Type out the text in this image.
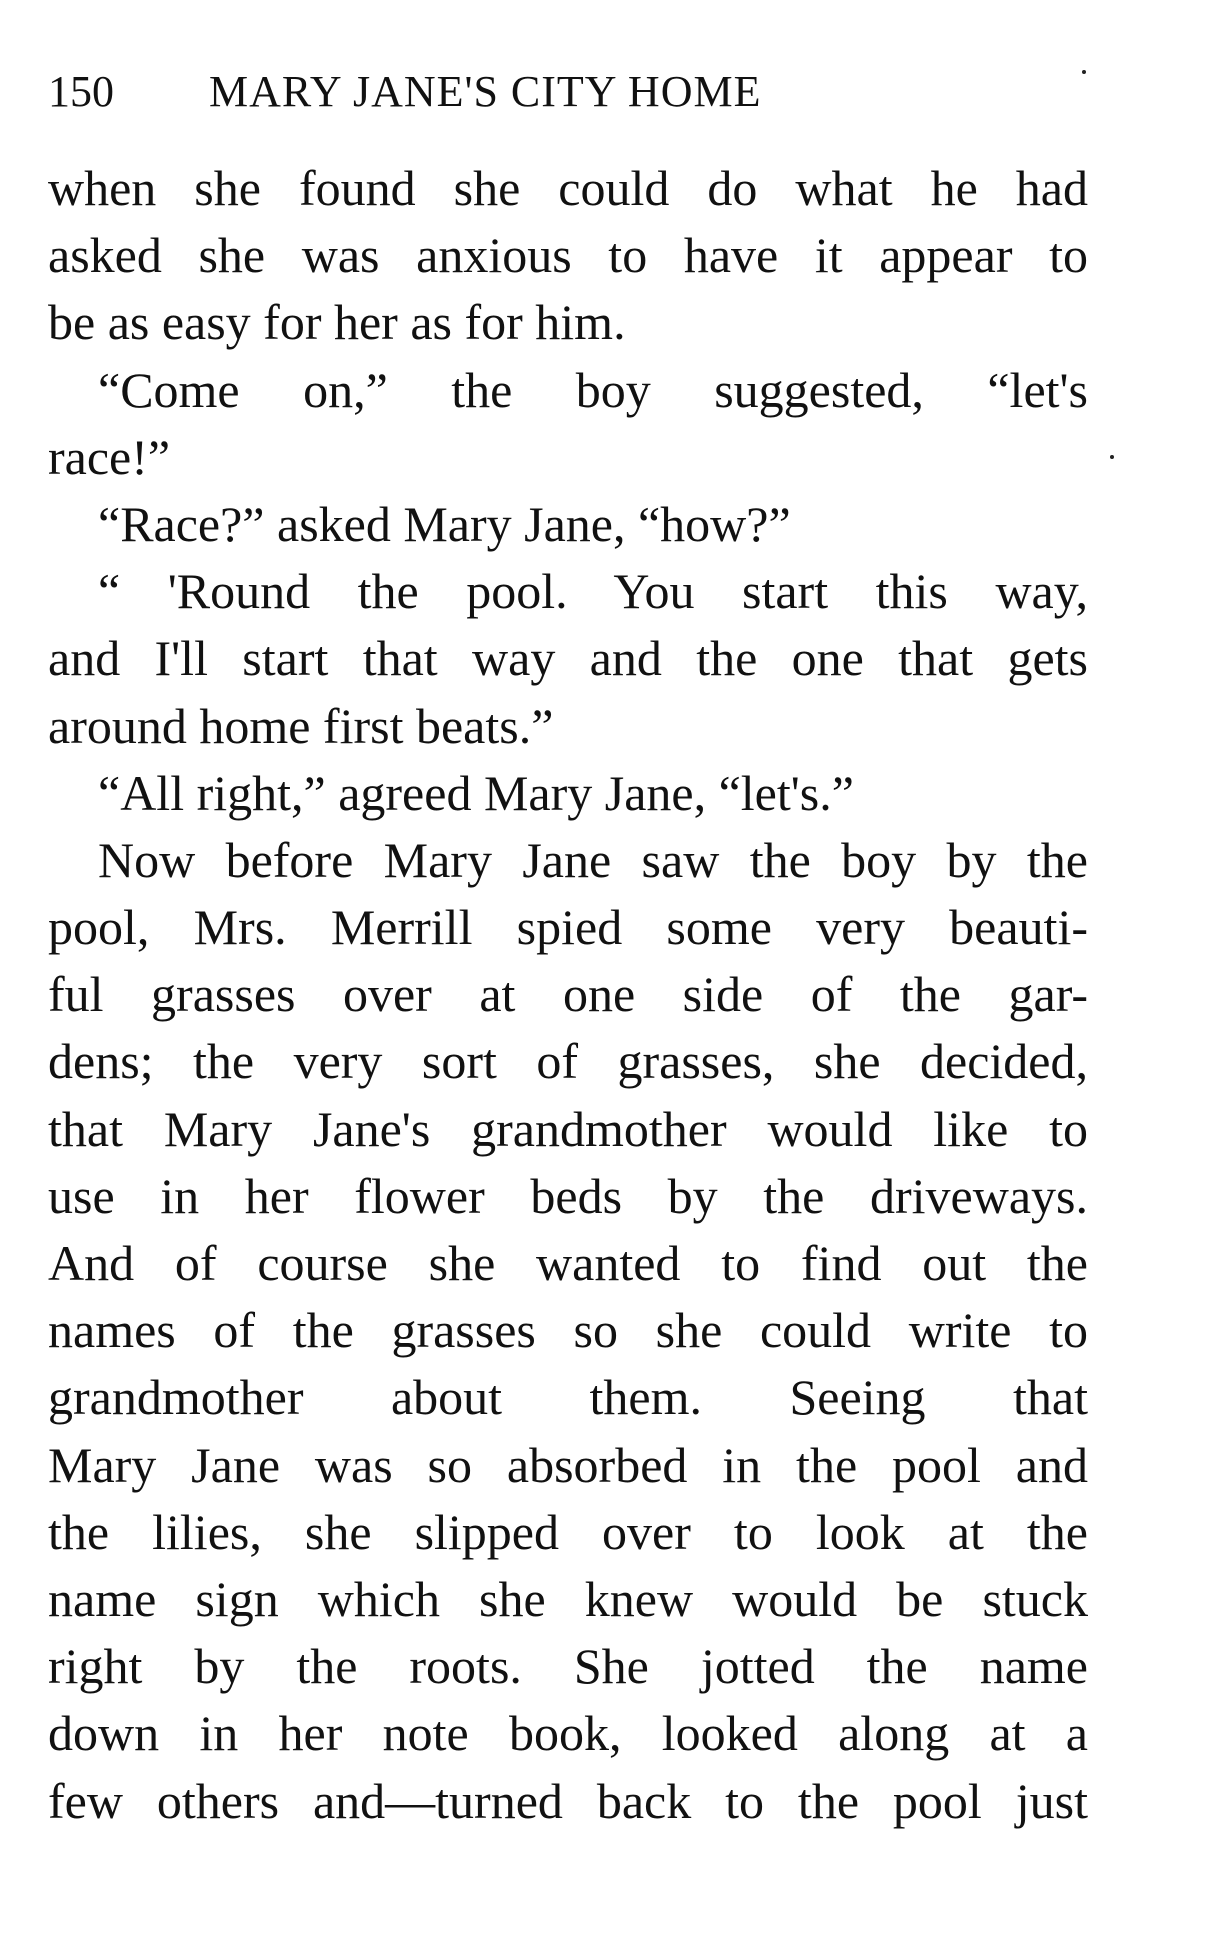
150 MARY JANE'S CITY HOME
when she found she could do what he had
asked she was anxious to have it appear to
be as easy for her as for him.
“Come on,” the boy suggested, “let's
race!”
“Race?” asked Mary Jane, “how?”
“ 'Round the pool. You start this way,
and I'll start that way and the one that gets
around home first beats.”
“All right,” agreed Mary Jane, “let's.”
Now before Mary Jane saw the boy by the
pool, Mrs. Merrill spied some very beauti-
ful grasses over at one side of the gar-
dens; the very sort of grasses, she decided,
that Mary Jane's grandmother would like to
use in her flower beds by the driveways.
And of course she wanted to find out the
names of the grasses so she could write to
grandmother about them. Seeing that
Mary Jane was so absorbed in the pool and
the lilies, she slipped over to look at the
name sign which she knew would be stuck
right by the roots. She jotted the name
down in her note book, looked along at a
few others and—turned back to the pool just
